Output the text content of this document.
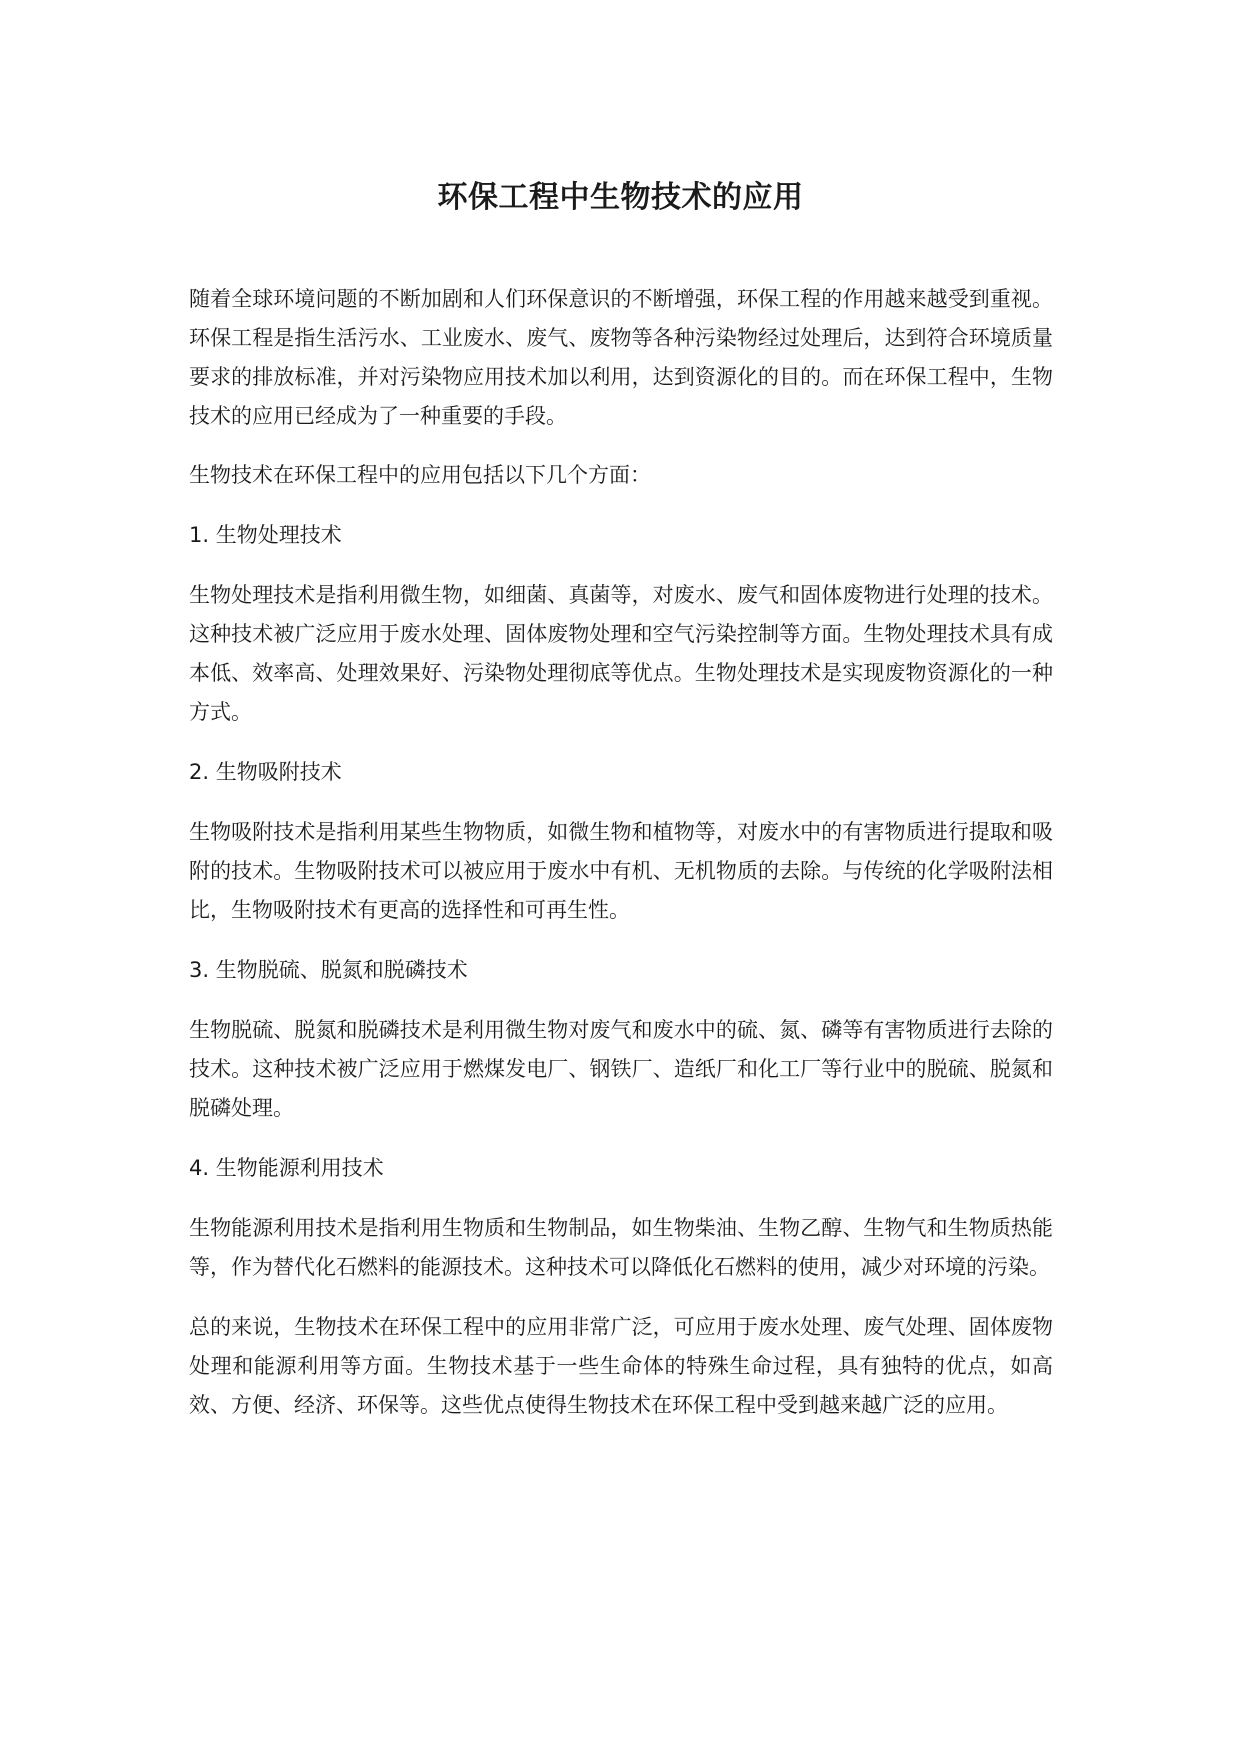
环保工程中生物技术的应用

随着全球环境问题的不断加剧和人们环保意识的不断增强，环保工程的作用越来越受到重视。环保工程是指生活污水、工业废水、废气、废物等各种污染物经过处理后，达到符合环境质量要求的排放标准，并对污染物应用技术加以利用，达到资源化的目的。而在环保工程中，生物技术的应用已经成为了一种重要的手段。

生物技术在环保工程中的应用包括以下几个方面：

1. 生物处理技术

生物处理技术是指利用微生物，如细菌、真菌等，对废水、废气和固体废物进行处理的技术。这种技术被广泛应用于废水处理、固体废物处理和空气污染控制等方面。生物处理技术具有成本低、效率高、处理效果好、污染物处理彻底等优点。生物处理技术是实现废物资源化的一种方式。

2. 生物吸附技术

生物吸附技术是指利用某些生物物质，如微生物和植物等，对废水中的有害物质进行提取和吸附的技术。生物吸附技术可以被应用于废水中有机、无机物质的去除。与传统的化学吸附法相比，生物吸附技术有更高的选择性和可再生性。

3. 生物脱硫、脱氮和脱磷技术

生物脱硫、脱氮和脱磷技术是利用微生物对废气和废水中的硫、氮、磷等有害物质进行去除的技术。这种技术被广泛应用于燃煤发电厂、钢铁厂、造纸厂和化工厂等行业中的脱硫、脱氮和脱磷处理。

4. 生物能源利用技术

生物能源利用技术是指利用生物质和生物制品，如生物柴油、生物乙醇、生物气和生物质热能等，作为替代化石燃料的能源技术。这种技术可以降低化石燃料的使用，减少对环境的污染。

总的来说，生物技术在环保工程中的应用非常广泛，可应用于废水处理、废气处理、固体废物处理和能源利用等方面。生物技术基于一些生命体的特殊生命过程，具有独特的优点，如高效、方便、经济、环保等。这些优点使得生物技术在环保工程中受到越来越广泛的应用。
